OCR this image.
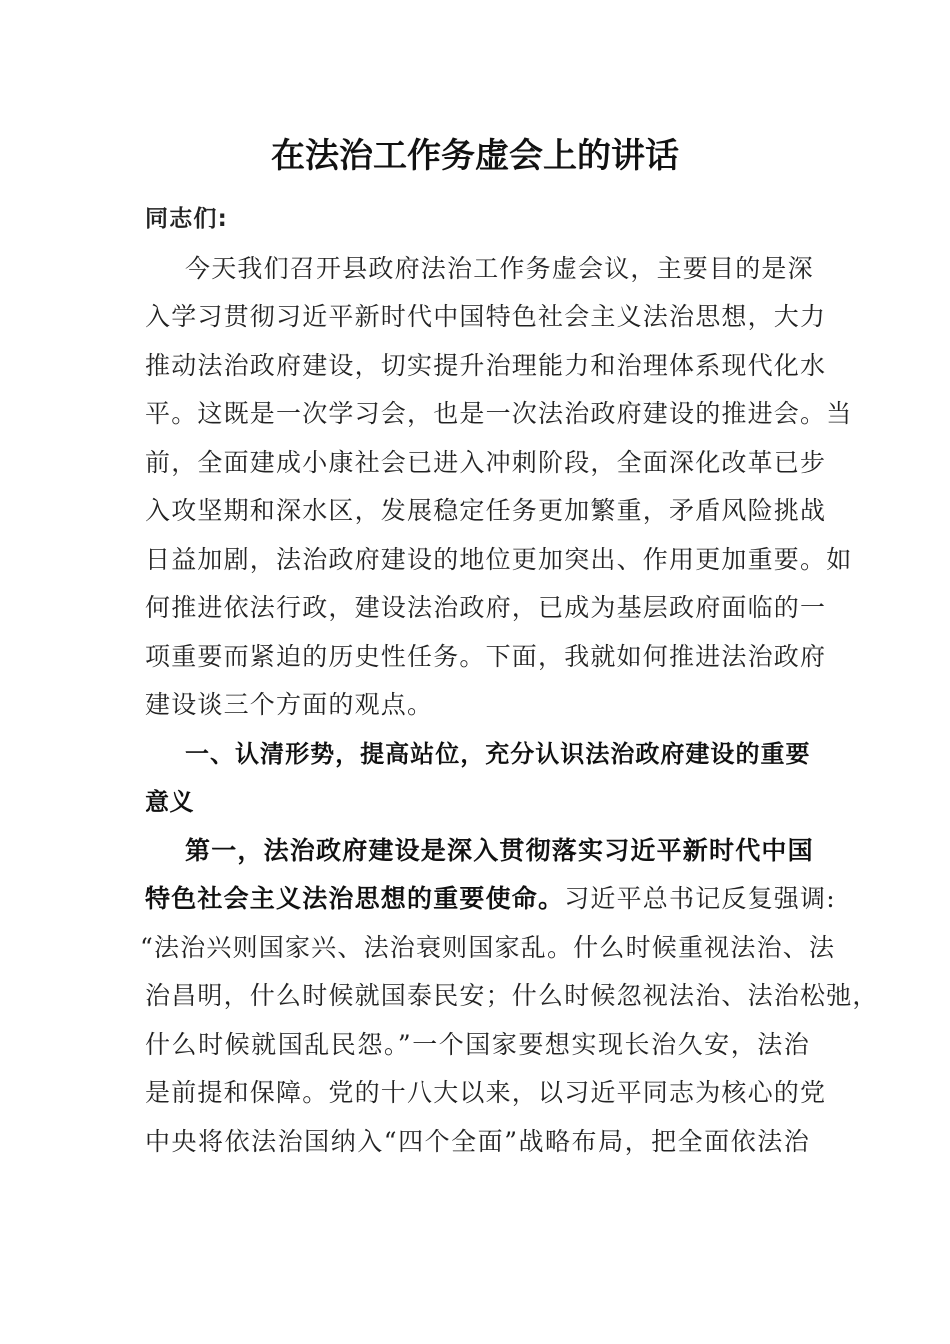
在法治工作务虚会上的讲话
同志们:
今天我们召开县政府法治工作务虚会议，主要目的是深
入学习贯彻习近平新时代中国特色社会主义法治思想，大力
推动法治政府建设，切实提升治理能力和治理体系现代化水
平。这既是一次学习会，也是一次法治政府建设的推进会。当
前，全面建成小康社会已进入冲刺阶段，全面深化改革已步
入攻坚期和深水区，发展稳定任务更加繁重，矛盾风险挑战
日益加剧，法治政府建设的地位更加突出、作用更加重要。如
何推进依法行政，建设法治政府，已成为基层政府面临的一
项重要而紧迫的历史性任务。下面，我就如何推进法治政府
建设谈三个方面的观点。
一、认清形势，提高站位，充分认识法治政府建设的重要
意义
第一，法治政府建设是深入贯彻落实习近平新时代中国
特色社会主义法治思想的重要使命。 习近平总书记反复强调:
“法治兴则国家兴、法治衰则国家乱。什么时候重视法治、法
治昌明，什么时候就国泰民安；什么时候忽视法治、法治松弛，
什么时候就国乱民怨。”一个国家要想实现长治久安，法治
是前提和保障。党的十八大以来，以习近平同志为核心的党
中央将依法治国纳入“四个全面”战略布局，把全面依法治
